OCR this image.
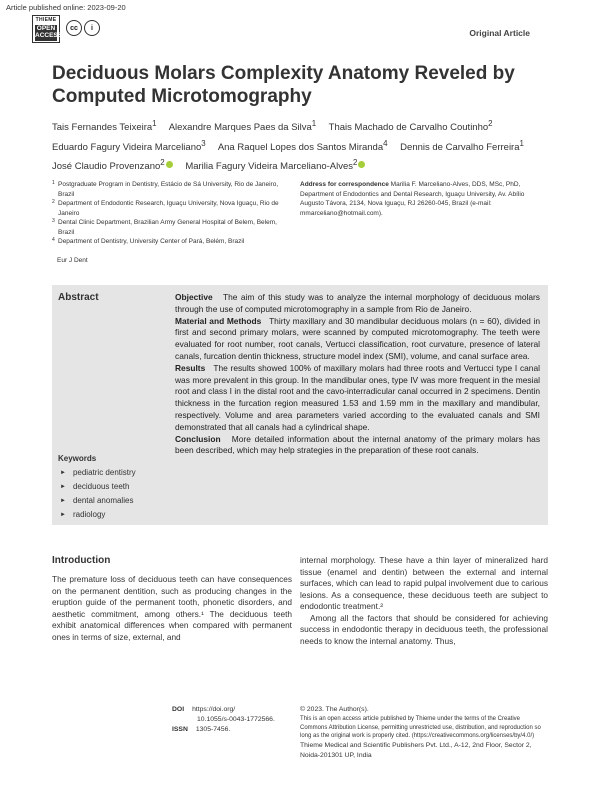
Article published online: 2023-09-20
THIEME
OPEN
ACCESS
cc	i	Original Article
Deciduous Molars Complexity Anatomy Reveled by Computed Microtomography
Tais Fernandes Teixeira$^1$ Alexandre Marques Paes da Silva$^1$ Thais Machado de Carvalho Coutinho$^2$ Eduardo Fagury Videira Marceliano$^3$ Ana Raquel Lopes dos Santos Miranda$^4$ Dennis de Carvalho Ferreira$^1$ José Claudio Provenzano$^2$ Marilia Fagury Videira Marceliano-Alves$^2$
1 Postgraduate Program in Dentistry, Estácio de Sá University, Rio de Janeiro, Brazil
2 Department of Endodontic Research, Iguaçu University, Nova Iguaçu, Rio de Janeiro
3 Dental Clinic Department, Brazilian Army General Hospital of Belem, Belem, Brazil
4 Department of Dentistry, University Center of Pará, Belém, Brazil
Address for correspondence Marilia F. Marceliano-Alves, DDS, MSc, PhD, Department of Endodontics and Dental Research, Iguaçu University, Av. Abílio Augusto Távora, 2134, Nova Iguaçu, RJ 26260-045, Brazil (e-mail: mmarceliano@hotmail.com).
Eur J Dent
Abstract
Keywords
► pediatric dentistry
► deciduous teeth
► dental anomalies
► radiology

Objective The aim of this study was to analyze the internal morphology of deciduous molars through the use of computed microtomography in a sample from Rio de Janeiro.

Material and Methods Thirty maxillary and 30 mandibular deciduous molars (n = 60), divided in first and second primary molars, were scanned by computed microtomography. The teeth were evaluated for root number, root canals, Vertucci classification, root curvature, presence of lateral canals, furcation dentin thickness, structure model index (SMI), volume, and canal surface area.

Results The results showed 100% of maxillary molars had three roots and Vertucci type I canal was more prevalent in this group. In the mandibular ones, type IV was more frequent in the mesial root and class I in the distal root and the cavo-interradicular canal occurred in 2 specimens. Dentin thickness in the furcation region measured 1.53 and 1.59 mm in the maxillary and mandibular, respectively. Volume and area parameters varied according to the evaluated canals and SMI demonstrated that all canals had a cylindrical shape.

Conclusion More detailed information about the internal anatomy of the primary molars has been described, which may help strategies in the preparation of these root canals.

Introduction

The premature loss of deciduous teeth can have consequences on the permanent dentition, such as producing changes in the eruption guide of the permanent tooth, phonetic disorders, and aesthetic commitment, among others.¹ The deciduous teeth exhibit anatomical differences when compared with permanent ones in terms of size, external, and

internal morphology. These have a thin layer of mineralized hard tissue (enamel and dentin) between the external and internal surfaces, which can lead to rapid pulpal involvement due to carious lesions. As a consequence, these deciduous teeth are subject to endodontic treatment.²

Among all the factors that should be considered for achieving success in endodontic therapy in deciduous teeth, the professional needs to know the internal anatomy. Thus,

DOI https://doi.org/
10.1055/s-0043-1772566.
ISSN 1305-7456.
© 2023. The Author(s).
This is an open access article published by Thieme under the terms of the Creative Commons Attribution License, permitting unrestricted use, distribution, and reproduction so long as the original work is properly cited. (https://creativecommons.org/licenses/by/4.0/)
Thieme Medical and Scientific Publishers Pvt. Ltd., A-12, 2nd Floor, Sector 2, Noida-201301 UP, India
